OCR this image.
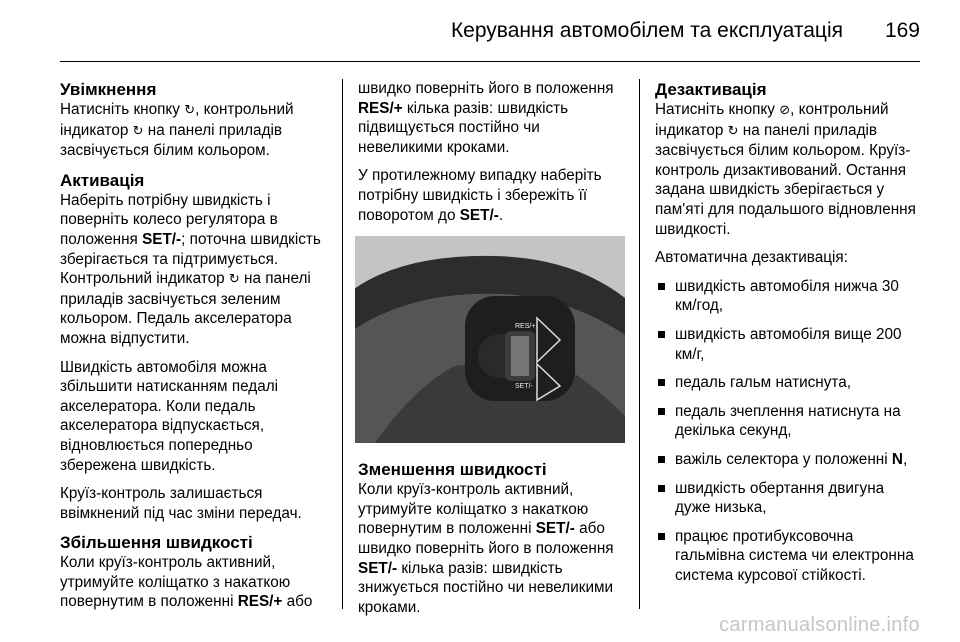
Керування автомобілем та експлуатація 169
Увімкнення

Натисніть кнопку ↻, контрольний індикатор ↻ на панелі приладів засвічується білим кольором.

Активація

Наберіть потрібну швидкість і поверніть колесо регулятора в положення SET/-; поточна швидкість зберігається та підтримується. Контрольний індикатор ↻ на панелі приладів засвічується зеленим кольором. Педаль акселератора можна відпустити.

Швидкість автомобіля можна збільшити натисканням педалі акселератора. Коли педаль акселератора відпускається, відновлюється попередньо збережена швидкість.

Круїз-контроль залишається ввімкнений під час зміни передач.

Збільшення швидкості

Коли круїз-контроль активний, утримуйте коліщатко з накаткою повернутим в положенні RES/+ або

швидко поверніть його в положення RES/+ кілька разів: швидкість підвищується постійно чи невеликими кроками.

У протилежному випадку наберіть потрібну швидкість і збережіть її поворотом до SET/-.

RES/+
SET/-
Зменшення швидкості

Коли круїз-контроль активний, утримуйте коліщатко з накаткою повернутим в положенні SET/- або швидко поверніть його в положення SET/- кілька разів: швидкість знижується постійно чи невеликими кроками.

Дезактивація

Натисніть кнопку ⊘, контрольний індикатор ↻ на панелі приладів засвічується білим кольором. Круїз-контроль дизактивований. Остання задана швидкість зберігається у пам'яті для подальшого відновлення швидкості.

Автоматична дезактивація:

швидкість автомобіля нижча 30 км/год,
швидкість автомобіля вище 200 км/г,
педаль гальм натиснута,
педаль зчеплення натиснута на декілька секунд,
важіль селектора у положенні N,
швидкість обертання двигуна дуже низька,
працює протибуксовочна гальмівна система чи електронна система курсової стійкості.
carmanualsonline.info
